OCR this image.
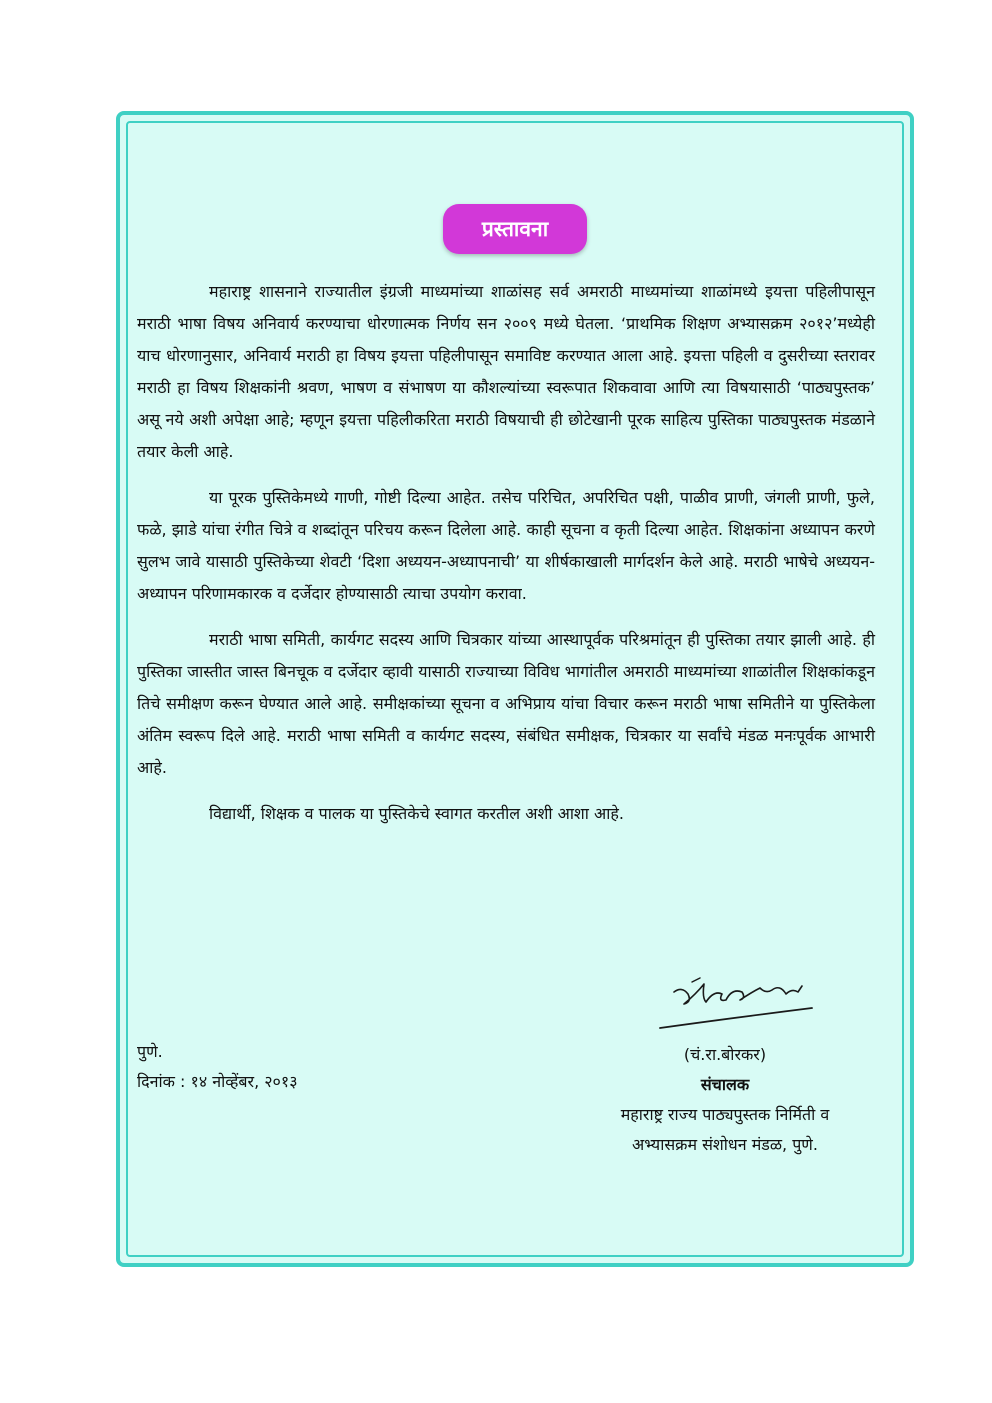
प्रस्तावना

महाराष्ट्र शासनाने राज्यातील इंग्रजी माध्यमांच्या शाळांसह सर्व अमराठी माध्यमांच्या शाळांमध्ये इयत्ता पहिलीपासून मराठी भाषा विषय अनिवार्य करण्याचा धोरणात्मक निर्णय सन २००९ मध्ये घेतला. ‘प्राथमिक शिक्षण अभ्यासक्रम २०१२’मध्येही याच धोरणानुसार, अनिवार्य मराठी हा विषय इयत्ता पहिलीपासून समाविष्ट करण्यात आला आहे. इयत्ता पहिली व दुसरीच्या स्तरावर मराठी हा विषय शिक्षकांनी श्रवण, भाषण व संभाषण या कौशल्यांच्या स्वरूपात शिकवावा आणि त्या विषयासाठी ‘पाठ्यपुस्तक’ असू नये अशी अपेक्षा आहे; म्हणून इयत्ता पहिलीकरिता मराठी विषयाची ही छोटेखानी पूरक साहित्य पुस्तिका पाठ्यपुस्तक मंडळाने तयार केली आहे.

या पूरक पुस्तिकेमध्ये गाणी, गोष्टी दिल्या आहेत. तसेच परिचित, अपरिचित पक्षी, पाळीव प्राणी, जंगली प्राणी, फुले, फळे, झाडे यांचा रंगीत चित्रे व शब्दांतून परिचय करून दिलेला आहे. काही सूचना व कृती दिल्या आहेत. शिक्षकांना अध्यापन करणे सुलभ जावे यासाठी पुस्तिकेच्या शेवटी ‘दिशा अध्ययन-अध्यापनाची’ या शीर्षकाखाली मार्गदर्शन केले आहे. मराठी भाषेचे अध्ययन-अध्यापन परिणामकारक व दर्जेदार होण्यासाठी त्याचा उपयोग करावा.

मराठी भाषा समिती, कार्यगट सदस्य आणि चित्रकार यांच्या आस्थापूर्वक परिश्रमांतून ही पुस्तिका तयार झाली आहे. ही पुस्तिका जास्तीत जास्त बिनचूक व दर्जेदार व्हावी यासाठी राज्याच्या विविध भागांतील अमराठी माध्यमांच्या शाळांतील शिक्षकांकडून तिचे समीक्षण करून घेण्यात आले आहे. समीक्षकांच्या सूचना व अभिप्राय यांचा विचार करून मराठी भाषा समितीने या पुस्तिकेला अंतिम स्वरूप दिले आहे. मराठी भाषा समिती व कार्यगट सदस्य, संबंधित समीक्षक, चित्रकार या सर्वांचे मंडळ मनःपूर्वक आभारी आहे.

विद्यार्थी, शिक्षक व पालक या पुस्तिकेचे स्वागत करतील अशी आशा आहे.

पुणे.
दिनांक : १४ नोव्हेंबर, २०१३
(चं.रा.बोरकर)
संचालक
महाराष्ट्र राज्य पाठ्यपुस्तक निर्मिती व
अभ्यासक्रम संशोधन मंडळ, पुणे.
